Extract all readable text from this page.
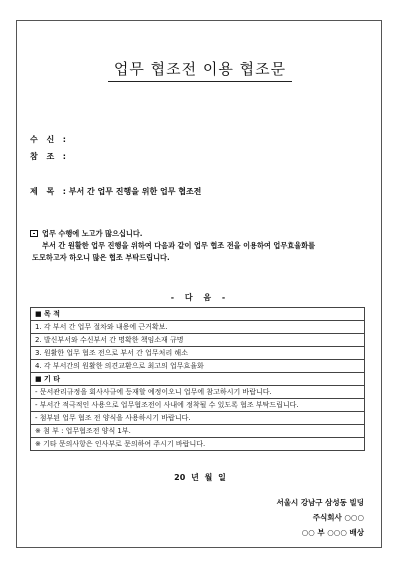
업무 협조전 이용 협조문
수 신 :
참 조 :
제 목 : 부서 간 업무 진행을 위한 업무 협조전
업무 수행에 노고가 많으십니다.
부서 간 원활한 업무 진행을 위하여 다음과 같이 업무 협조 전을 이용하여 업무효율화를
도모하고자 하오니 많은 협조 부탁드립니다.
- 다 음 -
■ 목 적
1. 각 부서 간 업무 절차와 내용에 근거확보.
2. 발신부서와 수신부서 간 명확한 책임소재 규명
3. 원활한 업무 협조 전으로 부서 간 업무처리 해소
4. 각 부서간의 원활한 의견교환으로 최고의 업무효율화
■ 기 타
- 문서관리규정을 회사사규에 등재할 예정이오니 업무에 참고하시기 바랍니다.
- 부서간 적극적인 사용으로 업무협조전이 사내에 정착될 수 있도록 협조 부탁드립니다.
- 첨부된 업무 협조 전 양식을 사용하시기 바랍니다.
※ 첨 부 : 업무협조전 양식 1부.
※ 기타 문의사항은 인사부로 문의하여 주시기 바랍니다.
20 년 월 일
서울시 강남구 삼성동 빌딩
주식회사 ○○○
○○ 부 ○○○ 배상
